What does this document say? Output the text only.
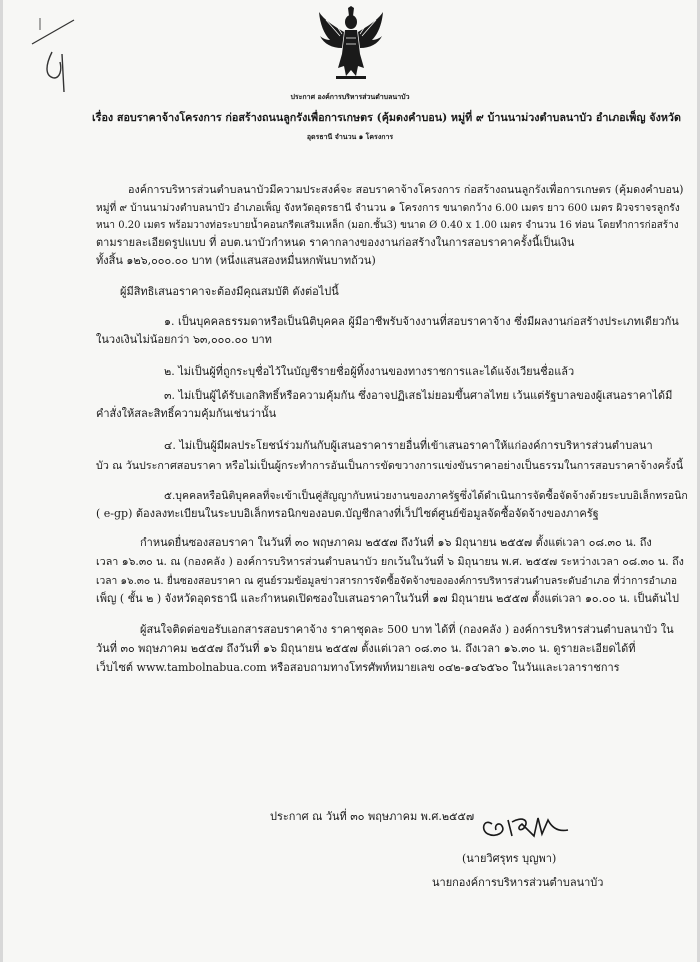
ประกาศ องค์การบริหารส่วนตำบลนาบัว
เรื่อง สอบราคาจ้างโครงการ ก่อสร้างถนนลูกรังเพื่อการเกษตร (คุ้มดงคำบอน) หมู่ที่ ๙ บ้านนาม่วงตำบลนาบัว อำเภอเพ็ญ จังหวัด
อุดรธานี จำนวน ๑ โครงการ
องค์การบริหารส่วนตำบลนาบัวมีความประสงค์จะ สอบราคาจ้างโครงการ ก่อสร้างถนนลูกรังเพื่อการเกษตร (คุ้มดงคำบอน)
หมู่ที่ ๙ บ้านนาม่วงตำบลนาบัว อำเภอเพ็ญ จังหวัดอุดรธานี จำนวน ๑ โครงการ ขนาดกว้าง 6.00 เมตร ยาว 600 เมตร ผิวจราจรลูกรัง
หนา 0.20 เมตร พร้อมวางท่อระบายน้ำคอนกรีตเสริมเหล็ก (มอก.ชั้น3) ขนาด Ø 0.40 x 1.00 เมตร จำนวน 16 ท่อน โดยทำการก่อสร้าง
ตามรายละเอียดรูปแบบ ที่ อบต.นาบัวกำหนด ราคากลางของงานก่อสร้างในการสอบราคาครั้งนี้เป็นเงิน
ทั้งสิ้น ๑๒๖,๐๐๐.๐๐ บาท (หนึ่งแสนสองหมื่นหกพันบาทถ้วน)
ผู้มีสิทธิเสนอราคาจะต้องมีคุณสมบัติ ดังต่อไปนี้
๑. เป็นบุคคลธรรมดาหรือเป็นนิติบุคคล ผู้มีอาชีพรับจ้างงานที่สอบราคาจ้าง ซึ่งมีผลงานก่อสร้างประเภทเดียวกัน
ในวงเงินไม่น้อยกว่า ๖๓,๐๐๐.๐๐ บาท
๒. ไม่เป็นผู้ที่ถูกระบุชื่อไว้ในบัญชีรายชื่อผู้ทิ้งงานของทางราชการและได้แจ้งเวียนชื่อแล้ว
๓. ไม่เป็นผู้ได้รับเอกสิทธิ์หรือความคุ้มกัน ซึ่งอาจปฏิเสธไม่ยอมขึ้นศาลไทย เว้นแต่รัฐบาลของผู้เสนอราคาได้มี
คำสั่งให้สละสิทธิ์ความคุ้มกันเช่นว่านั้น
๔. ไม่เป็นผู้มีผลประโยชน์ร่วมกันกับผู้เสนอราคารายอื่นที่เข้าเสนอราคาให้แก่องค์การบริหารส่วนตำบลนา
บัว ณ วันประกาศสอบราคา หรือไม่เป็นผู้กระทำการอันเป็นการขัดขวางการแข่งขันราคาอย่างเป็นธรรมในการสอบราคาจ้างครั้งนี้
๕.บุคคลหรือนิติบุคคลที่จะเข้าเป็นคู่สัญญากับหน่วยงานของภาครัฐซึ่งได้ดำเนินการจัดซื้อจัดจ้างด้วยระบบอิเล็กทรอนิก
( e-gp) ต้องลงทะเบียนในระบบอิเล็กทรอนิกของอบต.บัญชีกลางที่เว็ปไซต์ศูนย์ข้อมูลจัดซื้อจัดจ้างของภาครัฐ
กำหนดยื่นซองสอบราคา ในวันที่ ๓๐ พฤษภาคม ๒๕๕๗ ถึงวันที่ ๑๖ มิถุนายน ๒๕๕๗ ตั้งแต่เวลา ๐๘.๓๐ น. ถึง
เวลา ๑๖.๓๐ น. ณ (กองคลัง ) องค์การบริหารส่วนตำบลนาบัว ยกเว้นในวันที่ ๖ มิถุนายน พ.ศ. ๒๕๕๗ ระหว่างเวลา ๐๘.๓๐ น. ถึง
เวลา ๑๖.๓๐ น. ยื่นซองสอบราคา ณ ศูนย์รวมข้อมูลข่าวสารการจัดซื้อจัดจ้างขององค์การบริหารส่วนตำบลระดับอำเภอ ที่ว่าการอำเภอ
เพ็ญ ( ชั้น ๒ ) จังหวัดอุดรธานี และกำหนดเปิดซองใบเสนอราคาในวันที่ ๑๗ มิถุนายน ๒๕๕๗ ตั้งแต่เวลา ๑๐.๐๐ น. เป็นต้นไป
ผู้สนใจติดต่อขอรับเอกสารสอบราคาจ้าง ราคาชุดละ 500 บาท ได้ที่ (กองคลัง ) องค์การบริหารส่วนตำบลนาบัว ใน
วันที่ ๓๐ พฤษภาคม ๒๕๕๗ ถึงวันที่ ๑๖ มิถุนายน ๒๕๕๗ ตั้งแต่เวลา ๐๘.๓๐ น. ถึงเวลา ๑๖.๓๐ น. ดูรายละเอียดได้ที่
เว็บไซต์ www.tambolnabua.com หรือสอบถามทางโทรศัพท์หมายเลข ๐๔๒-๑๔๖๕๖๐ ในวันและเวลาราชการ
ประกาศ ณ วันที่ ๓๐ พฤษภาคม พ.ศ.๒๕๕๗
(นายวิศรุทร บุญพา)
นายกองค์การบริหารส่วนตำบลนาบัว
